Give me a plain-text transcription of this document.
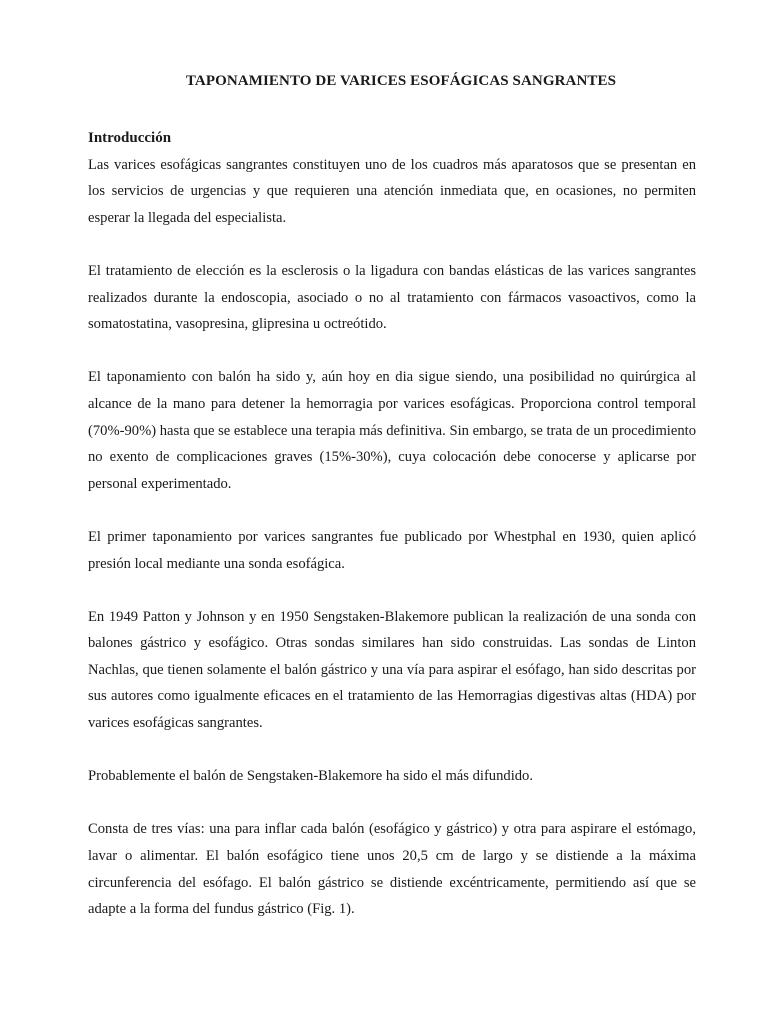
TAPONAMIENTO DE VARICES ESOFÁGICAS SANGRANTES
Introducción

Las varices esofágicas sangrantes constituyen uno de los cuadros más aparatosos que se presentan en los servicios de urgencias y que requieren una atención inmediata que, en ocasiones, no permiten esperar la llegada del especialista.

El tratamiento de elección es la esclerosis o la ligadura con bandas elásticas de las varices sangrantes realizados durante la endoscopia, asociado o no al tratamiento con fármacos vasoactivos, como la somatostatina, vasopresina, glipresina u octreótido.

El taponamiento con balón ha sido y, aún hoy en dia sigue siendo, una posibilidad no quirúrgica al alcance de la mano para detener la hemorragia por varices esofágicas. Proporciona control temporal (70%-90%) hasta que se establece una terapia más definitiva. Sin embargo, se trata de un procedimiento no exento de complicaciones graves (15%-30%), cuya colocación debe conocerse y aplicarse por personal experimentado.

El primer taponamiento por varices sangrantes fue publicado por Whestphal en 1930, quien aplicó presión local mediante una sonda esofágica.

En 1949 Patton y Johnson y en 1950 Sengstaken-Blakemore publican la realización de una sonda con balones gástrico y esofágico. Otras sondas similares han sido construidas. Las sondas de Linton Nachlas, que tienen solamente el balón gástrico y una vía para aspirar el esófago, han sido descritas por sus autores como igualmente eficaces en el tratamiento de las Hemorragias digestivas altas (HDA) por varices esofágicas sangrantes.

Probablemente el balón de Sengstaken-Blakemore ha sido el más difundido.

Consta de tres vías: una para inflar cada balón (esofágico y gástrico) y otra para aspirare el estómago, lavar o alimentar. El balón esofágico tiene unos 20,5 cm de largo y se distiende a la máxima circunferencia del esófago. El balón gástrico se distiende excéntricamente, permitiendo así que se adapte a la forma del fundus gástrico (Fig. 1).
